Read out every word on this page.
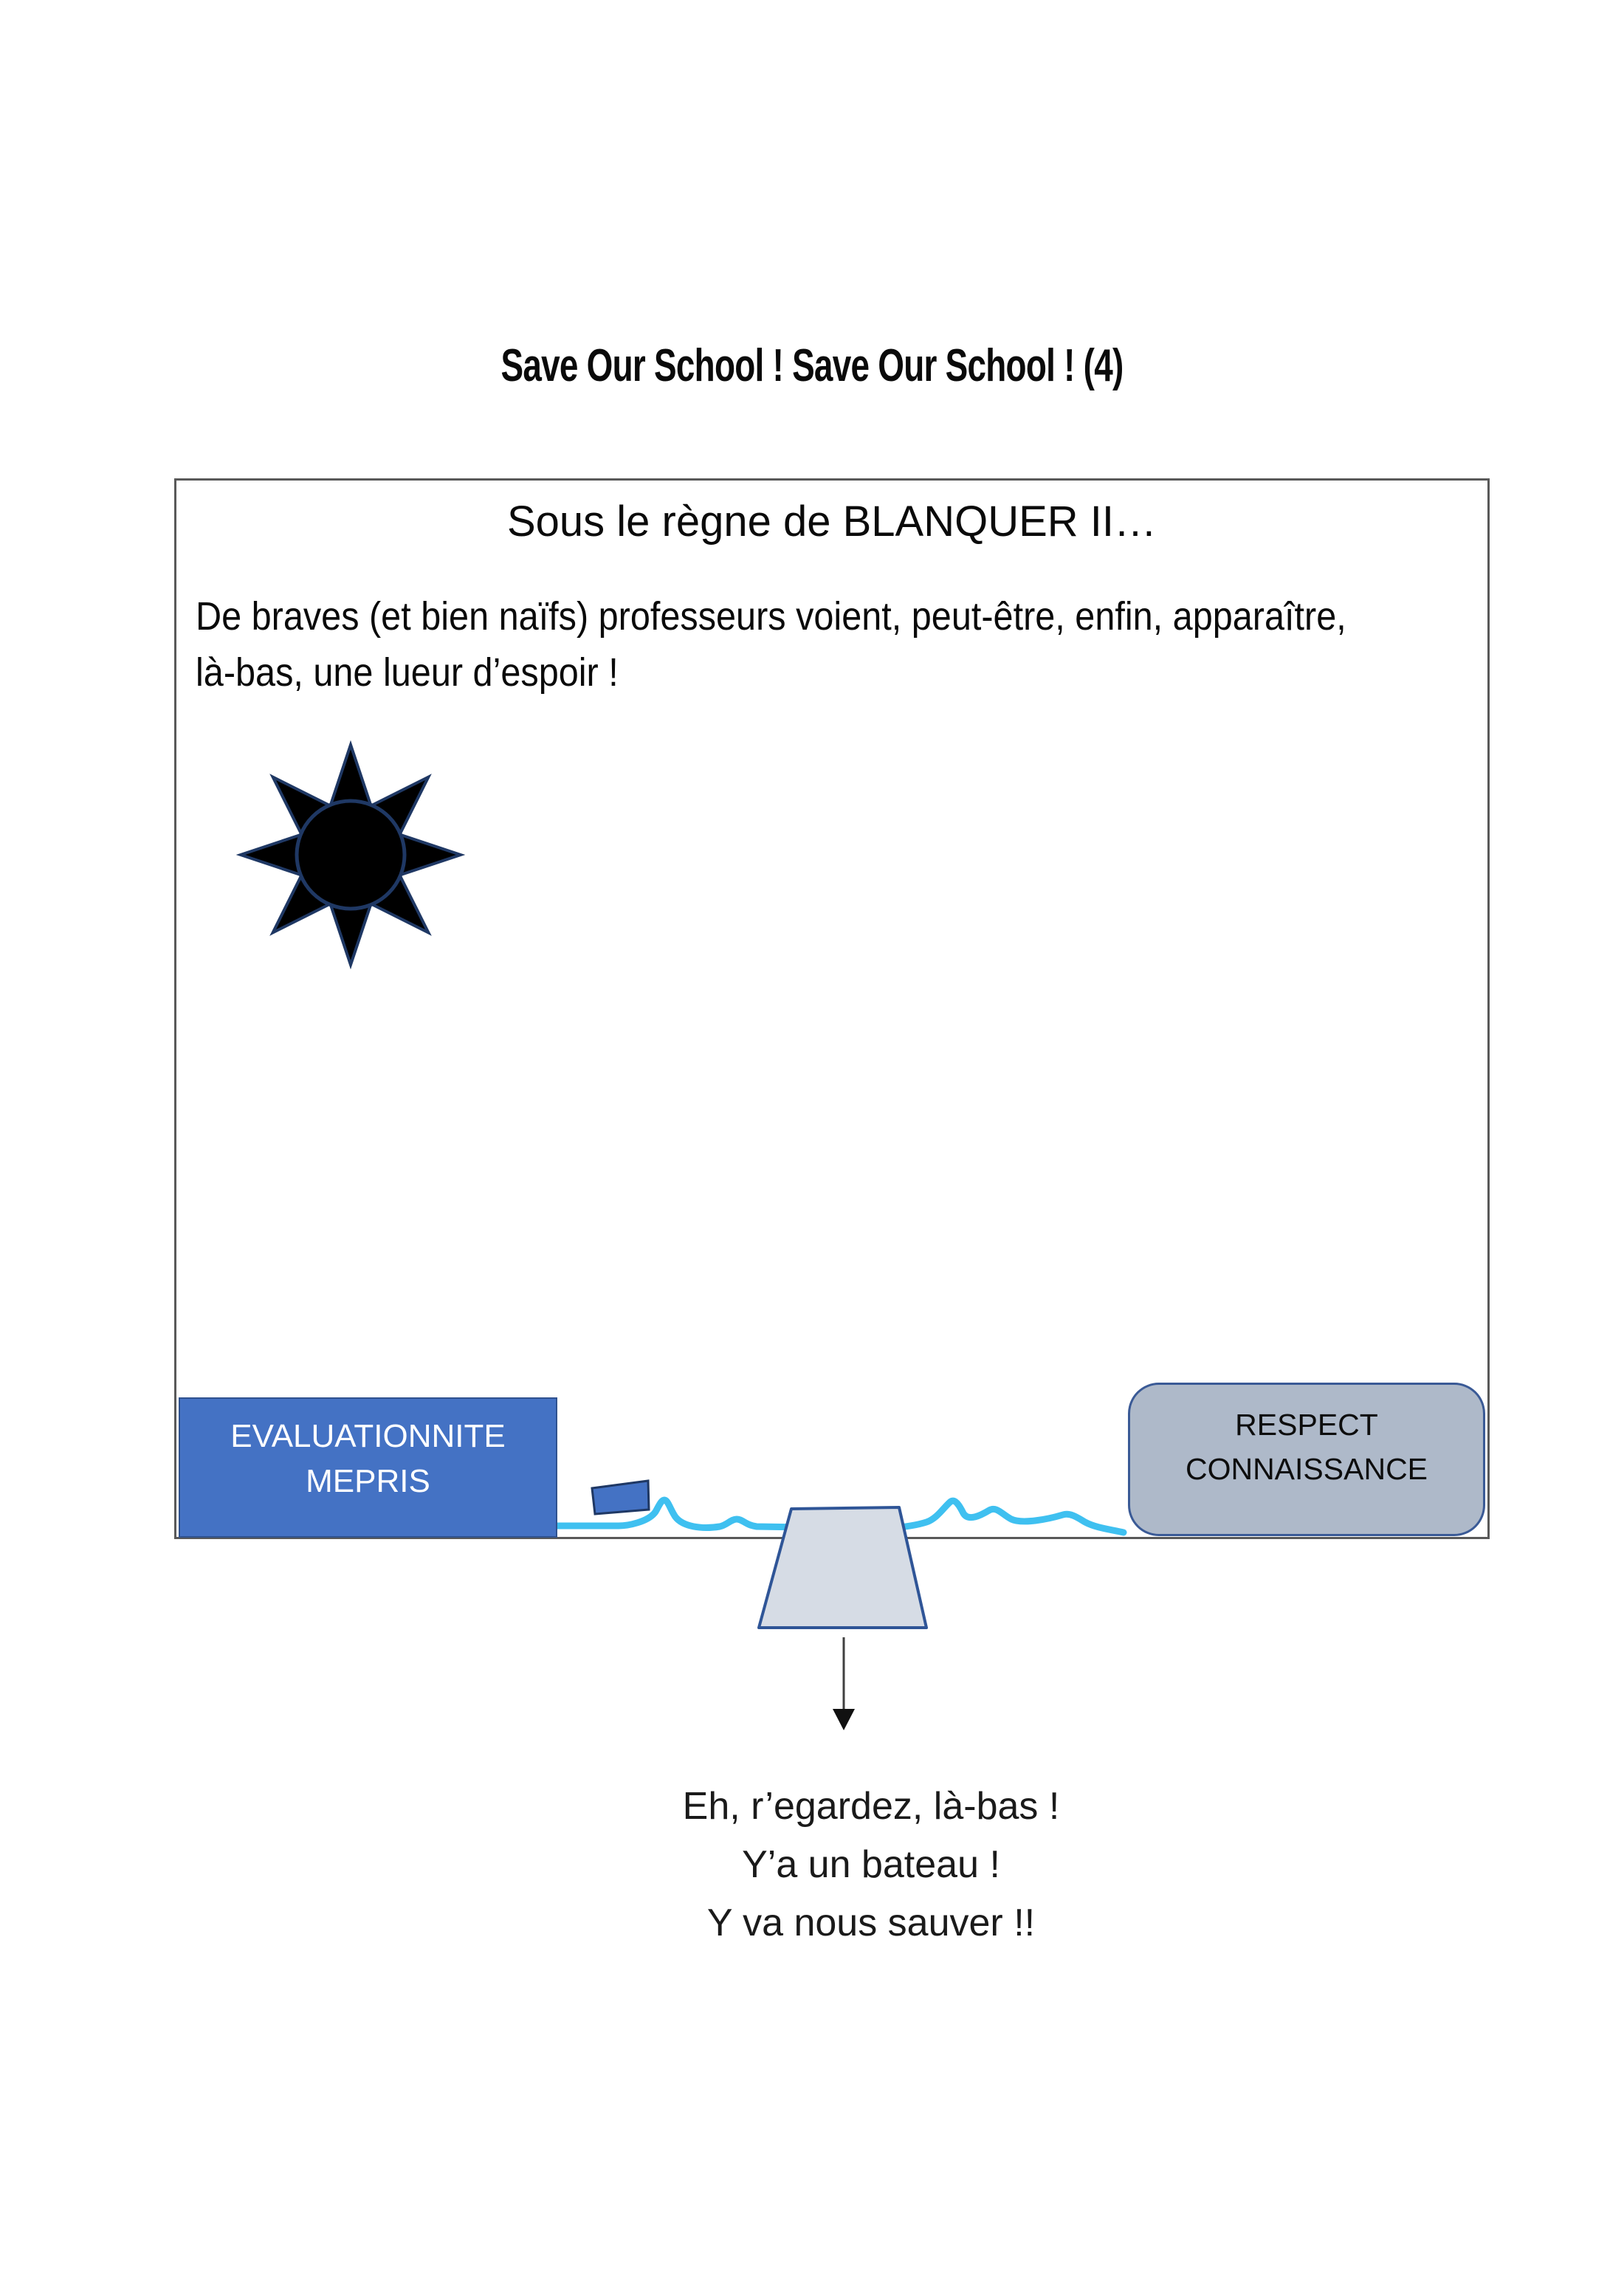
Save Our School ! Save Our School ! (4)
Sous le règne de BLANQUER II…
De braves (et bien naïfs) professeurs voient, peut-être, enfin, apparaître,
là-bas, une lueur d’espoir !
EVALUATIONNITE
MEPRIS
RESPECT
CONNAISSANCE
Eh, r’egardez, là-bas !
Y’a un bateau !
Y va nous sauver !!
